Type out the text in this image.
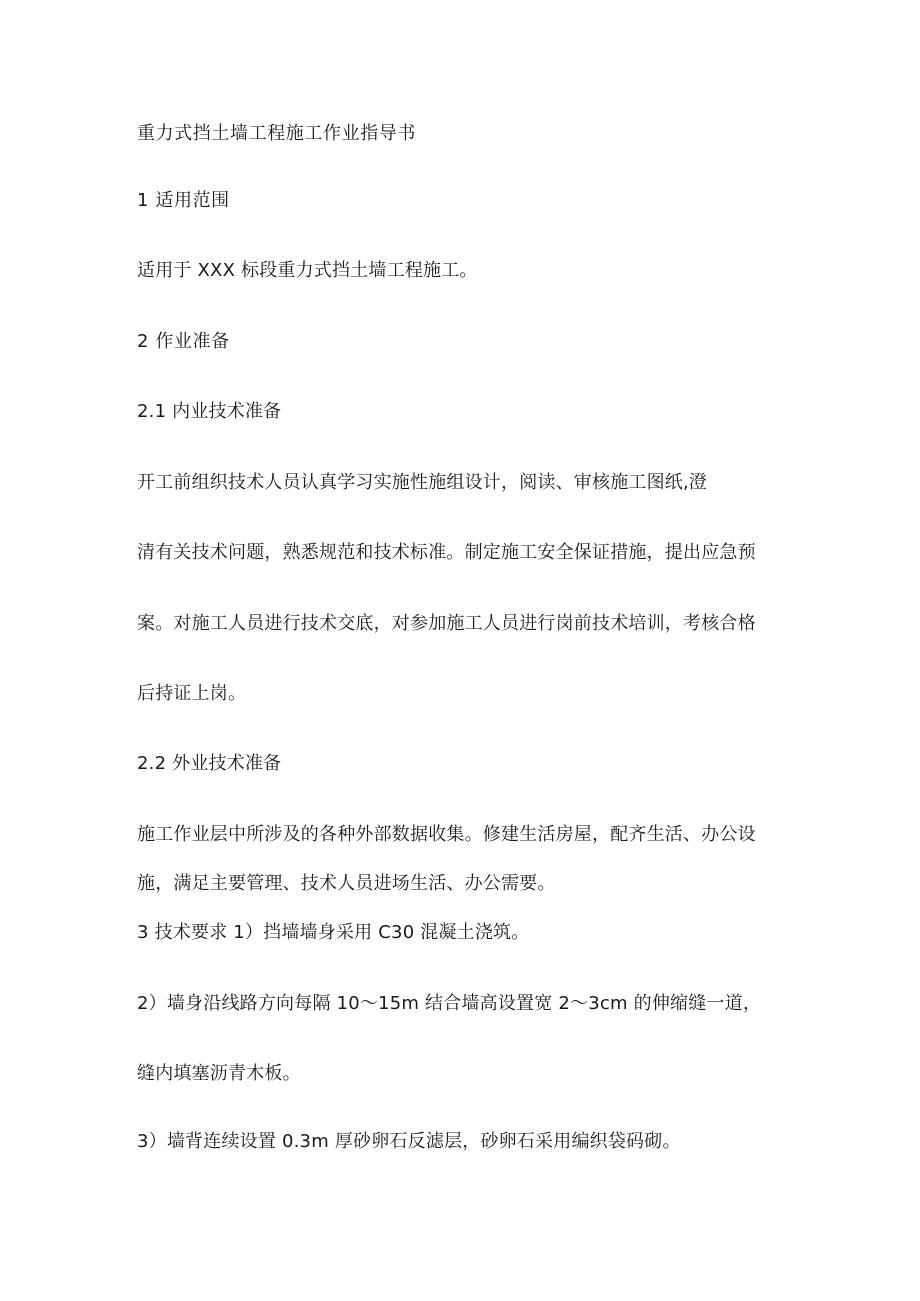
重力式挡土墙工程施工作业指导书
1 适用范围
适用于 XXX 标段重力式挡土墙工程施工。
2 作业准备
2.1 内业技术准备
开工前组织技术人员认真学习实施性施组设计，阅读、审核施工图纸,澄
清有关技术问题，熟悉规范和技术标准。制定施工安全保证措施，提出应急预
案。对施工人员进行技术交底，对参加施工人员进行岗前技术培训，考核合格
后持证上岗。
2.2 外业技术准备
施工作业层中所涉及的各种外部数据收集。修建生活房屋，配齐生活、办公设
施，满足主要管理、技术人员进场生活、办公需要。
3 技术要求 1）挡墙墙身采用 C30 混凝土浇筑。
2）墙身沿线路方向每隔 10～15m 结合墙高设置宽 2～3cm 的伸缩缝一道，
缝内填塞沥青木板。
3）墙背连续设置 0.3m 厚砂卵石反滤层，砂卵石采用编织袋码砌。
